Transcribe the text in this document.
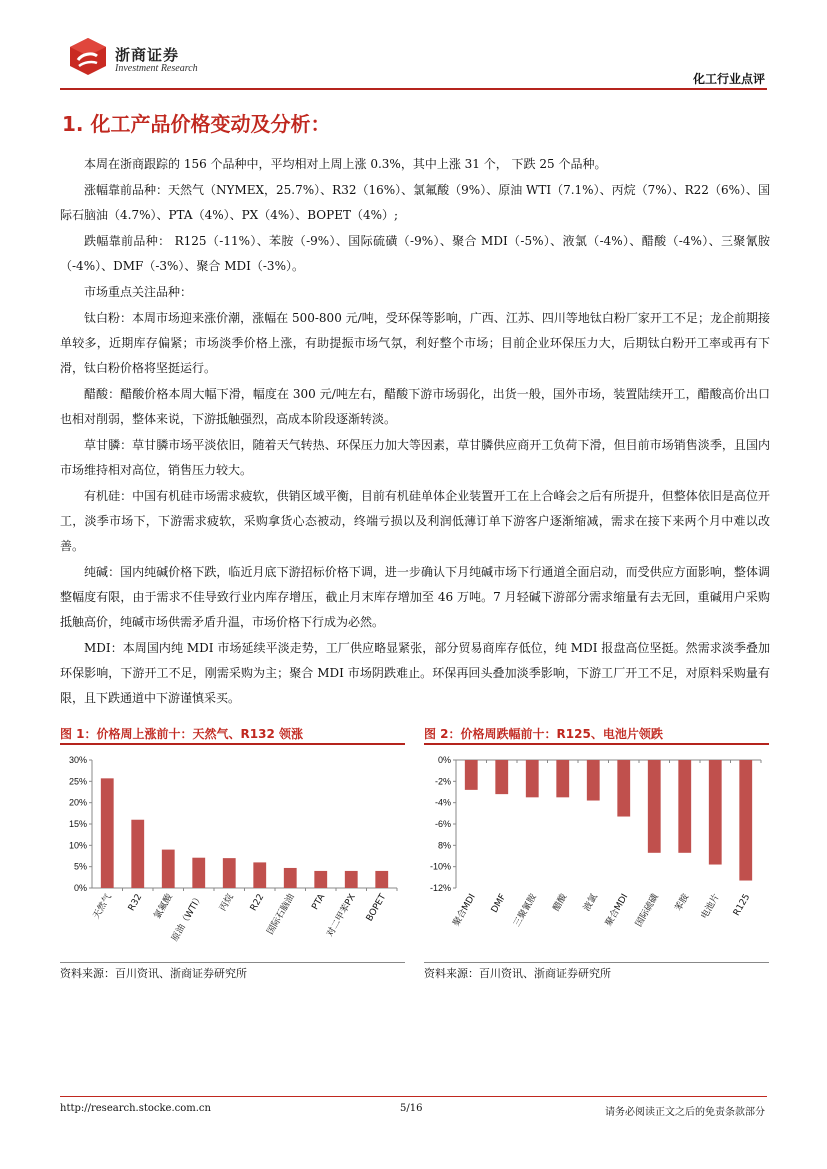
浙商证券
Investment Research
化工行业点评
1. 化工产品价格变动及分析：

本周在浙商跟踪的 156 个品种中，平均相对上周上涨 0.3%，其中上涨 31 个， 下跌 25 个品种。

涨幅靠前品种：天然气（NYMEX，25.7%）、R32（16%）、氯氟酸（9%）、原油 WTI（7.1%）、丙烷（7%）、R22（6%）、国际石脑油（4.7%）、PTA（4%）、PX（4%）、BOPET（4%）;

跌幅靠前品种： R125（-11%）、苯胺（-9%）、国际硫磺（-9%）、聚合 MDI（-5%）、液氯（-4%）、醋酸（-4%）、三聚氰胺（-4%）、DMF（-3%）、聚合 MDI（-3%）。

市场重点关注品种：

钛白粉：本周市场迎来涨价潮，涨幅在 500-800 元/吨，受环保等影响，广西、江苏、四川等地钛白粉厂家开工不足；龙企前期接单较多，近期库存偏紧；市场淡季价格上涨，有助提振市场气氛，利好整个市场；目前企业环保压力大，后期钛白粉开工率或再有下滑，钛白粉价格将坚挺运行。

醋酸：醋酸价格本周大幅下滑，幅度在 300 元/吨左右，醋酸下游市场弱化，出货一般，国外市场，装置陆续开工，醋酸高价出口也相对削弱，整体来说，下游抵触强烈，高成本阶段逐渐转淡。

草甘膦：草甘膦市场平淡依旧，随着天气转热、环保压力加大等因素，草甘膦供应商开工负荷下滑，但目前市场销售淡季，且国内市场维持相对高位，销售压力较大。

有机硅：中国有机硅市场需求疲软，供销区域平衡，目前有机硅单体企业装置开工在上合峰会之后有所提升，但整体依旧是高位开工，淡季市场下，下游需求疲软，采购拿货心态被动，终端亏损以及利润低薄订单下游客户逐渐缩减，需求在接下来两个月中难以改善。

纯碱：国内纯碱价格下跌，临近月底下游招标价格下调，进一步确认下月纯碱市场下行通道全面启动，而受供应方面影响，整体调整幅度有限，由于需求不佳导致行业内库存增压，截止月末库存增加至 46 万吨。7 月轻碱下游部分需求缩量有去无回，重碱用户采购抵触高价，纯碱市场供需矛盾升温，市场价格下行成为必然。

MDI：本周国内纯 MDI 市场延续平淡走势，工厂供应略显紧张，部分贸易商库存低位，纯 MDI 报盘高位坚挺。然需求淡季叠加环保影响，下游开工不足，刚需采购为主；聚合 MDI 市场阴跌难止。环保再回头叠加淡季影响，下游工厂开工不足，对原料采购量有限，且下跌通道中下游谨慎采买。

图 1：价格周上涨前十：天然气、R132 领涨
30%
25%
20%
15%
10%
5%
0%
天然气 R32 氯氟酸
原油（WTI） 丙烷 R22 国际石脑油 PTA
对二甲苯PX BOPET
资料来源：百川资讯、浙商证券研究所
图 2：价格周跌幅前十：R125、电池片领跌
0%
-2%
-4%
-6%
8%
-10%
-12%
聚合MDI DMF 三聚氰胺 醋酸 液氯 聚合MDI 国际硫磺 苯胺 电池片 R125
资料来源：百川资讯、浙商证券研究所
http://research.stocke.com.cn	5/16	请务必阅读正文之后的免责条款部分
